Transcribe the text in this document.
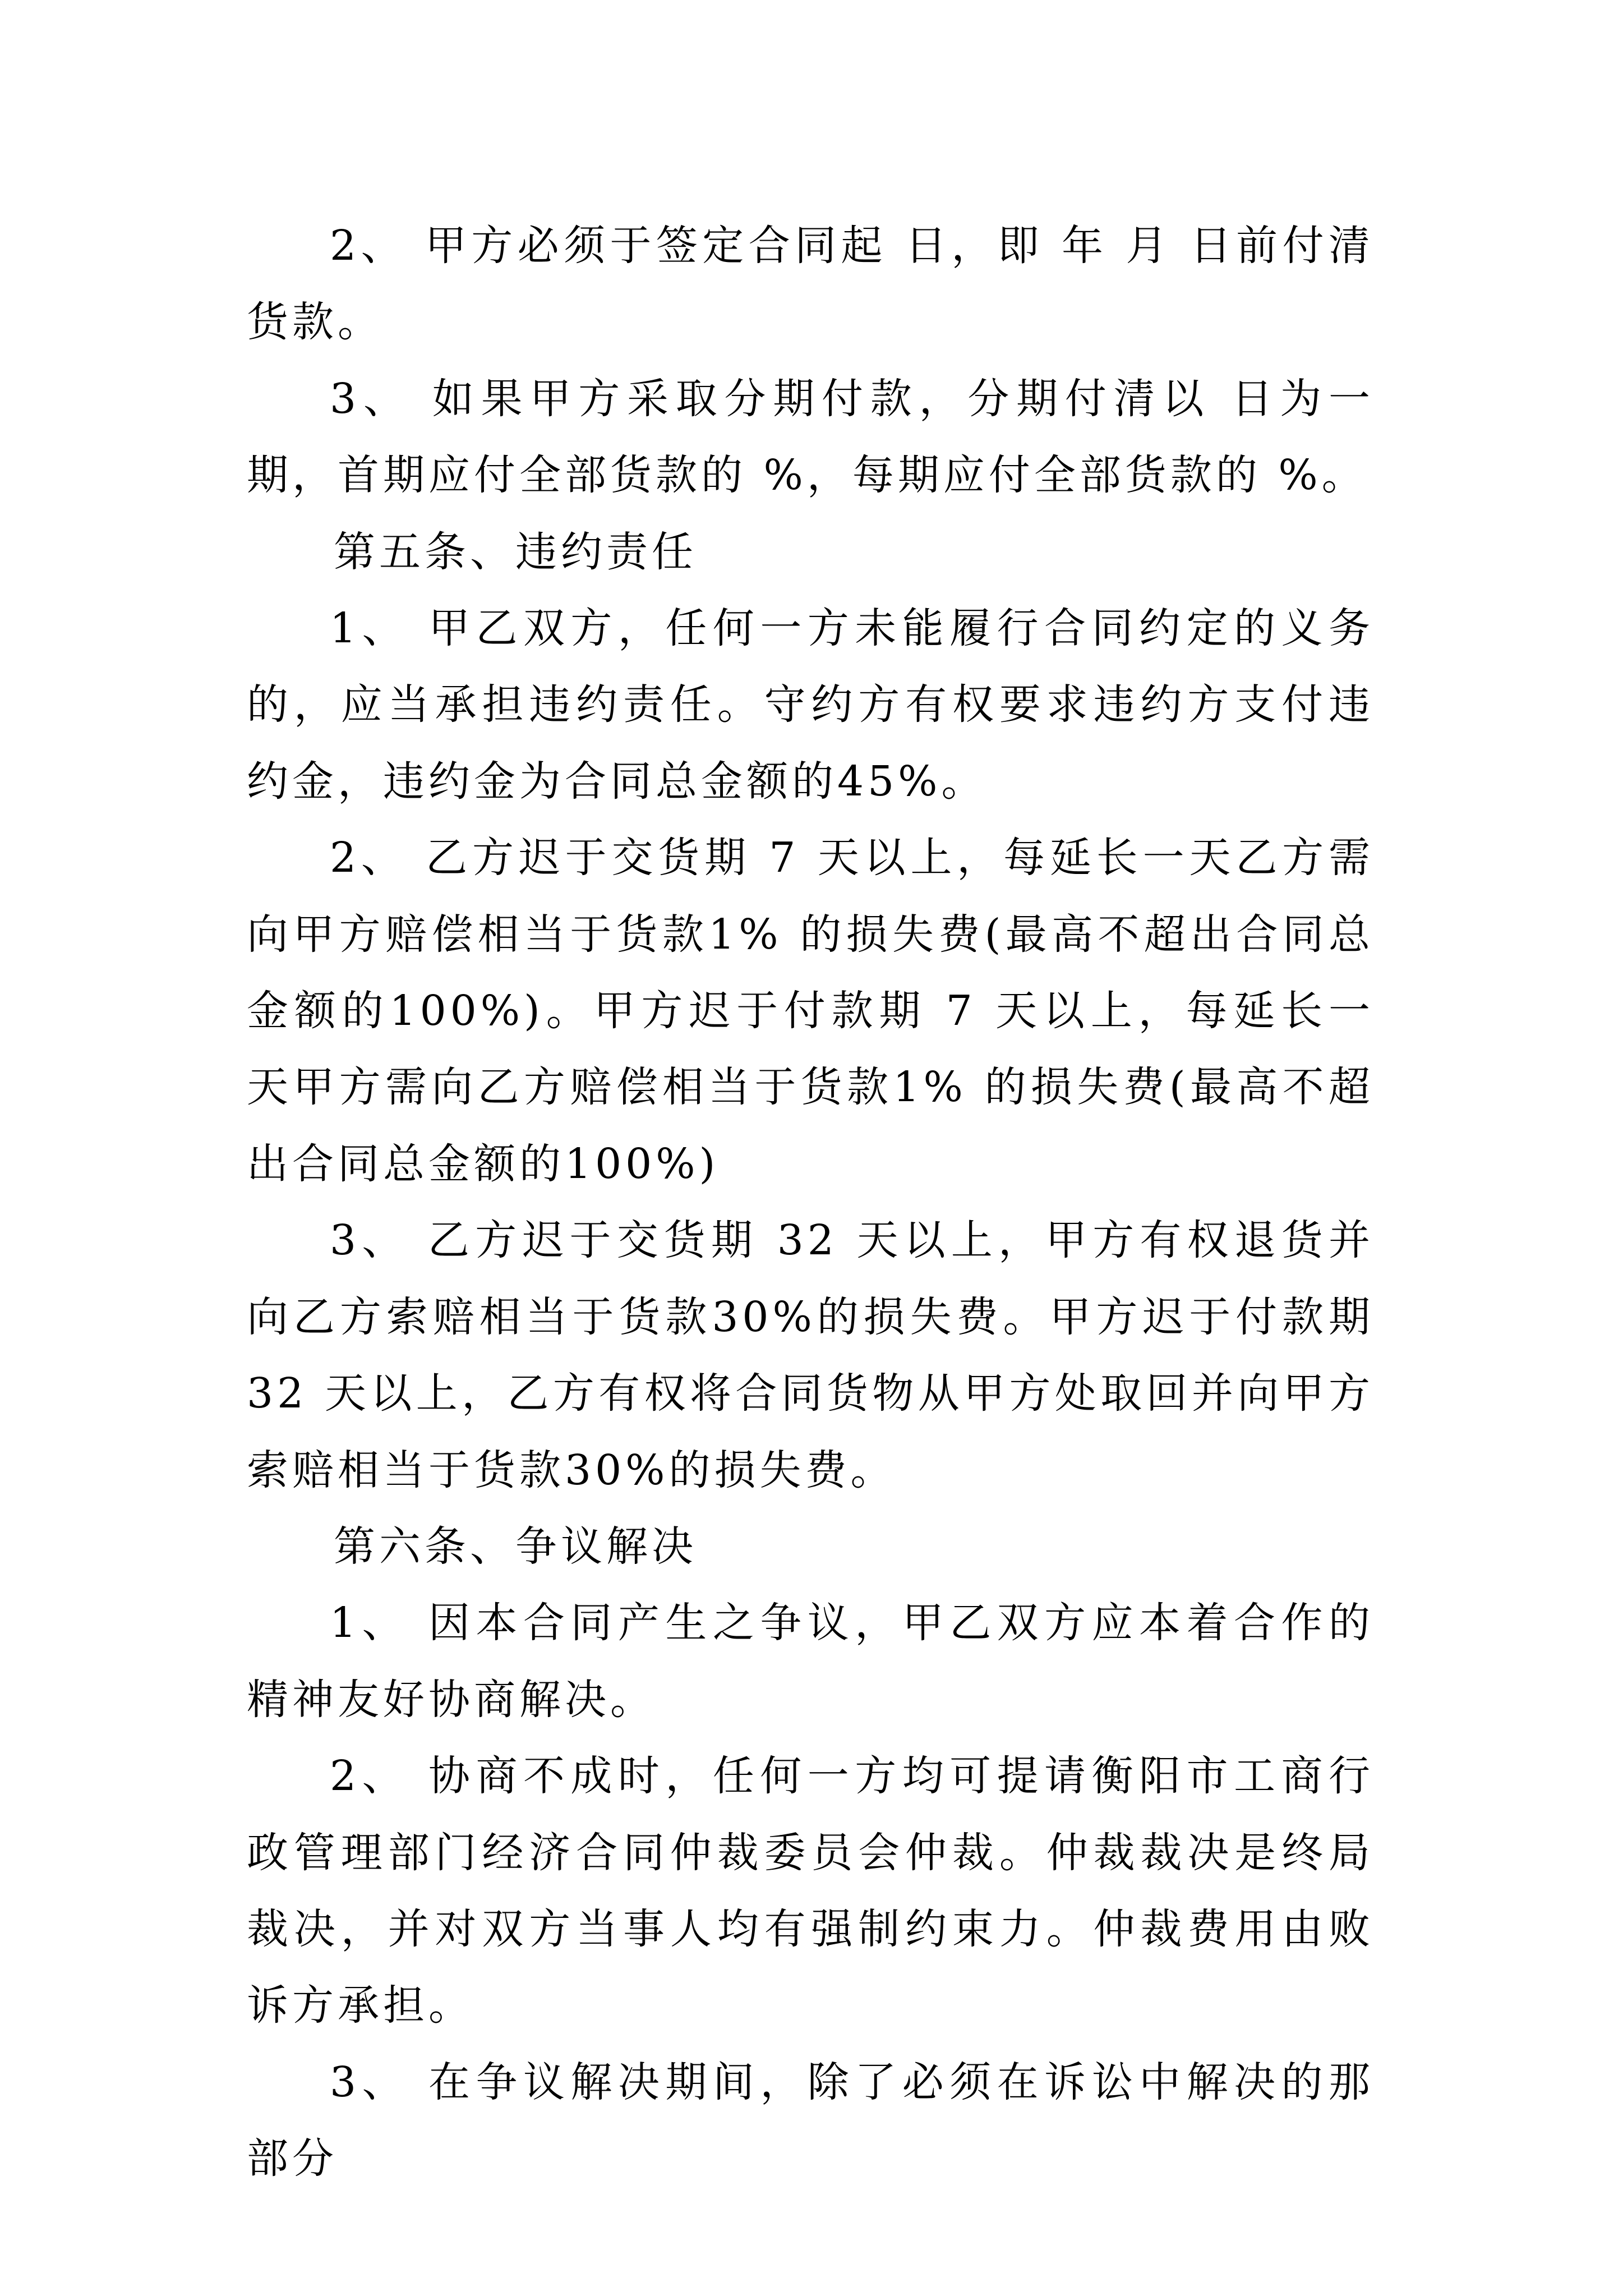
2、 甲方必须于签定合同起 日，即 年 月 日前付清货款。

3、 如果甲方采取分期付款，分期付清以 日为一期，首期应付全部货款的 %，每期应付全部货款的 %。

第五条、违约责任

1、 甲乙双方，任何一方未能履行合同约定的义务的，应当承担违约责任。守约方有权要求违约方支付违约金，违约金为合同总金额的45%。

2、 乙方迟于交货期 7 天以上，每延长一天乙方需向甲方赔偿相当于货款1% 的损失费(最高不超出合同总金额的100%)。甲方迟于付款期 7 天以上，每延长一天甲方需向乙方赔偿相当于货款1% 的损失费(最高不超出合同总金额的100%)

3、 乙方迟于交货期 32 天以上，甲方有权退货并向乙方索赔相当于货款30%的损失费。甲方迟于付款期 32 天以上，乙方有权将合同货物从甲方处取回并向甲方索赔相当于货款30%的损失费。

第六条、争议解决

1、 因本合同产生之争议，甲乙双方应本着合作的精神友好协商解决。

2、 协商不成时，任何一方均可提请衡阳市工商行政管理部门经济合同仲裁委员会仲裁。仲裁裁决是终局裁决，并对双方当事人均有强制约束力。仲裁费用由败诉方承担。

3、 在争议解决期间，除了必须在诉讼中解决的那部分
